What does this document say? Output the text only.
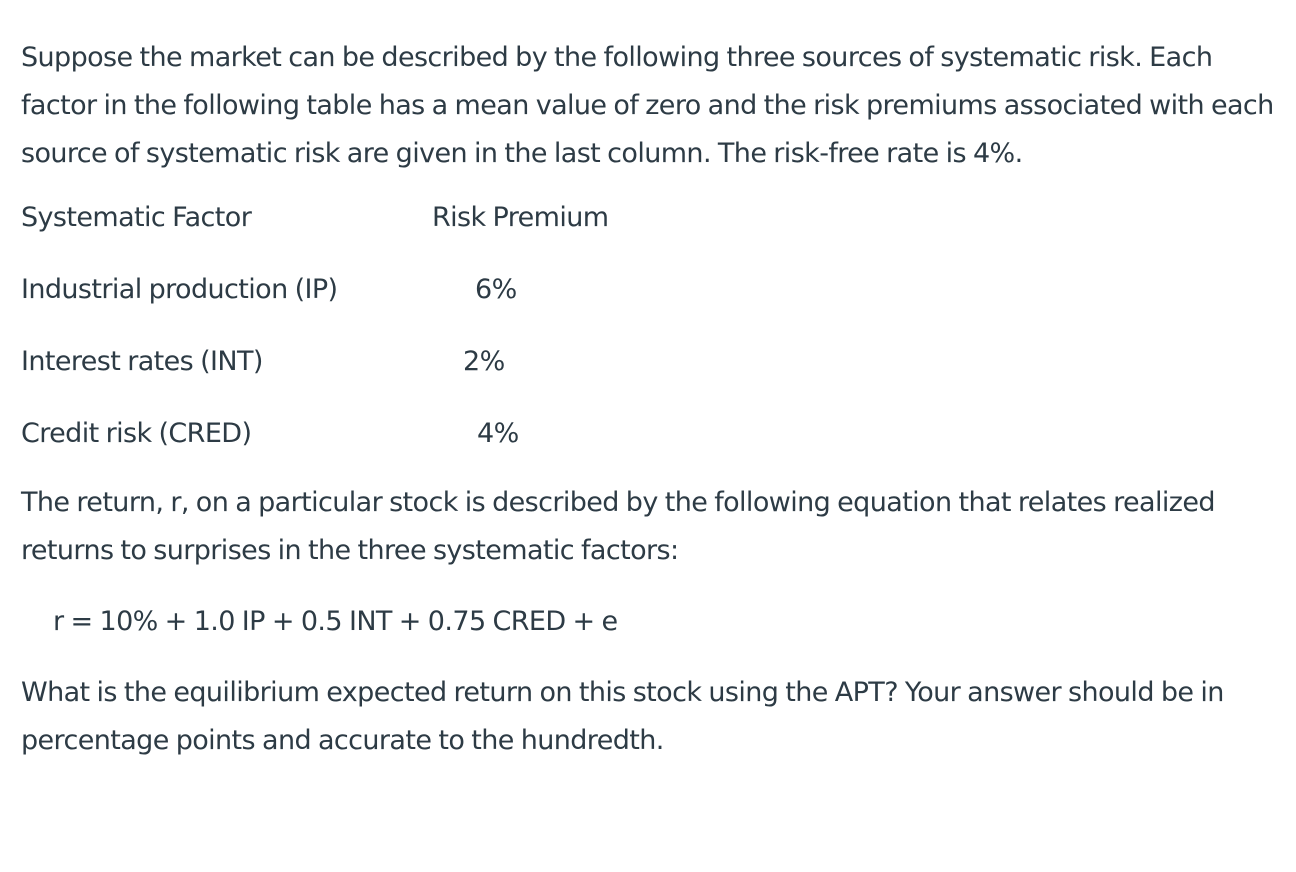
Suppose the market can be described by the following three sources of systematic risk. Each factor in the following table has a mean value of zero and the risk premiums associated with each source of systematic risk are given in the last column. The risk-free rate is 4%.

Systematic Factor	Risk Premium
Industrial production (IP)	6%
Interest rates (INT)	2%
Credit risk (CRED)	4%

The return, r, on a particular stock is described by the following equation that relates realized returns to surprises in the three systematic factors:

r = 10% + 1.0 IP + 0.5 INT + 0.75 CRED + e

What is the equilibrium expected return on this stock using the APT? Your answer should be in percentage points and accurate to the hundredth.
